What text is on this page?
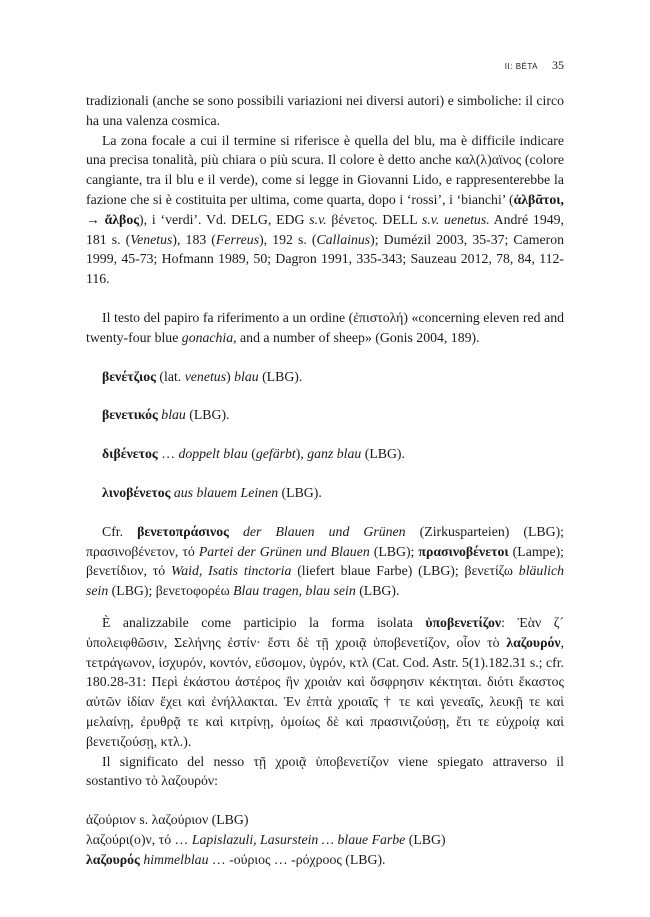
II: BÉTA 35

tradizionali (anche se sono possibili variazioni nei diversi autori) e simboliche: il circo ha una valenza cosmica.

La zona focale a cui il termine si riferisce è quella del blu, ma è difficile indicare una precisa tonalità, più chiara o più scura. Il colore è detto anche καλ(λ)αϊνος (colore cangiante, tra il blu e il verde), come si legge in Giovanni Lido, e rappresenterebbe la fazione che si è costituita per ultima, come quarta, dopo i ‘rossi’, i ‘bianchi’ (ἀλβᾶτοι, → ἄλβος), i ‘verdi’. Vd. DELG, EDG s.v. βένετος. DELL s.v. uenetus. André 1949, 181 s. (Venetus), 183 (Ferreus), 192 s. (Callainus); Dumézil 2003, 35-37; Cameron 1999, 45-73; Hofmann 1989, 50; Dagron 1991, 335-343; Sauzeau 2012, 78, 84, 112-116.

Il testo del papiro fa riferimento a un ordine (ἐπιστολή) «concerning eleven red and twenty-four blue gonachia, and a number of sheep» (Gonis 2004, 189).

βενέτζιος (lat. venetus) blau (LBG).

βενετικός blau (LBG).

διβένετος … doppelt blau (gefärbt), ganz blau (LBG).

λινοβένετος aus blauem Leinen (LBG).

Cfr. βενετοπράσινος der Blauen und Grünen (Zirkusparteien) (LBG); πρασινοβένετον, τό Partei der Grünen und Blauen (LBG); πρασινοβένετοι (Lampe); βενετίδιον, τό Waid, Isatis tinctoria (liefert blaue Farbe) (LBG); βενετίζω bläulich sein (LBG); βενετοφορέω Blau tragen, blau sein (LBG).

È analizzabile come participio la forma isolata ὑποβενετίζον: Ἐὰν ζ´ ὑπολειφθῶσιν, Σελήνης ἐστίν· ἔστι δὲ τῇ χροιᾷ ὑποβενετίζον, οἷον τὸ λαζουρόν, τετράγωνον, ἰσχυρόν, κοντόν, εὔσομον, ὑγρόν, κτλ (Cat. Cod. Astr. 5(1).182.31 s.; cfr. 180.28-31: Περὶ ἑκάστου ἀστέρος ἣν χροιὰν καὶ ὄσφρησιν κέκτηται. διότι ἕκαστος αὐτῶν ἰδίαν ἔχει καὶ ἐνήλλακται. Ἐν ἑπτὰ χροιαῖς † τε καὶ γενεαῖς, λευκῇ τε καὶ μελαίνῃ, ἐρυθρᾷ τε καὶ κιτρίνῃ, ὁμοίως δὲ καὶ πρασινιζούσῃ, ἔτι τε εὐχροίᾳ καὶ βενετιζούσῃ, κτλ.).

Il significato del nesso τῇ χροιᾷ ὑποβενετίζον viene spiegato attraverso il sostantivo τὸ λαζουρόν:

ἀζούριον s. λαζούριον (LBG)

λαζούρι(ο)ν, τό … Lapislazuli, Lasurstein … blaue Farbe (LBG)

λαζουρός himmelblau … -ούριος … -ρόχροος (LBG).
